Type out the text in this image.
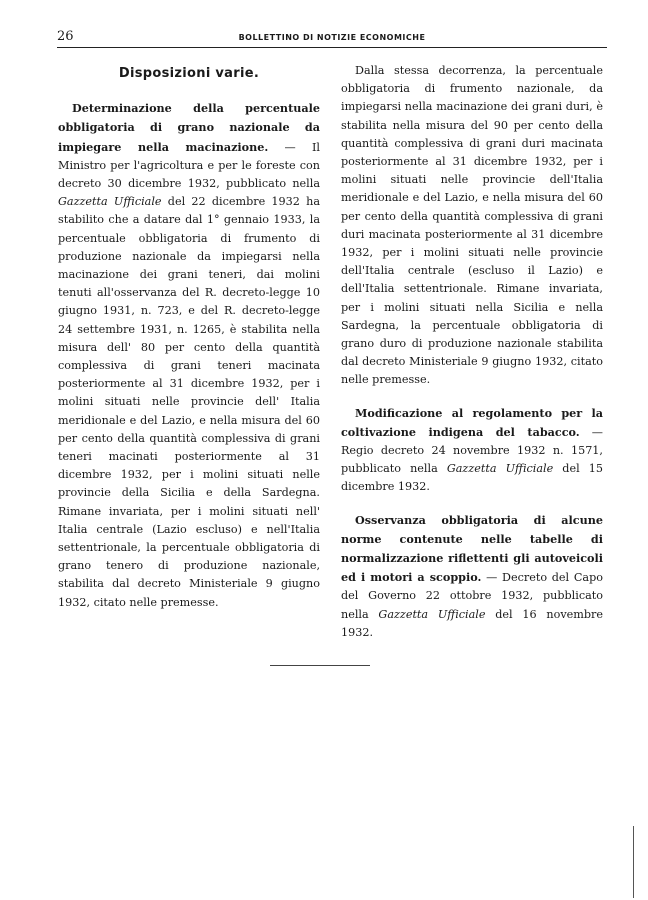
26	BOLLETTINO DI NOTIZIE ECONOMICHE
Disposizioni varie.

Determinazione della percentuale obbligatoria di grano nazionale da impiegare nella macinazione. — Il Ministro per l'agricoltura e per le foreste con decreto 30 dicembre 1932, pubblicato nella Gazzetta Ufficiale del 22 dicembre 1932 ha stabilito che a datare dal 1° gennaio 1933, la percentuale obbligatoria di frumento di produzione nazionale da impiegarsi nella macinazione dei grani teneri, dai molini tenuti all'osservanza del R. decreto-legge 10 giugno 1931, n. 723, e del R. decreto-legge 24 settembre 1931, n. 1265, è stabilita nella misura dell' 80 per cento della quantità complessiva di grani teneri macinata posteriormente al 31 dicembre 1932, per i molini situati nelle provincie dell' Italia meridionale e del Lazio, e nella misura del 60 per cento della quantità complessiva di grani teneri macinati posteriormente al 31 dicembre 1932, per i molini situati nelle provincie della Sicilia e della Sardegna. Rimane invariata, per i molini situati nell' Italia centrale (Lazio escluso) e nell'Italia settentrionale, la percentuale obbligatoria di grano tenero di produzione nazionale, stabilita dal decreto Ministeriale 9 giugno 1932, citato nelle premesse.

Dalla stessa decorrenza, la percentuale obbligatoria di frumento nazionale, da impiegarsi nella macinazione dei grani duri, è stabilita nella misura del 90 per cento della quantità complessiva di grani duri macinata posteriormente al 31 dicembre 1932, per i molini situati nelle provincie dell'Italia meridionale e del Lazio, e nella misura del 60 per cento della quantità complessiva di grani duri macinata posteriormente al 31 dicembre 1932, per i molini situati nelle provincie dell'Italia centrale (escluso il Lazio) e dell'Italia settentrionale. Rimane invariata, per i molini situati nella Sicilia e nella Sardegna, la percentuale obbligatoria di grano duro di produzione nazionale stabilita dal decreto Ministeriale 9 giugno 1932, citato nelle premesse.

Modificazione al regolamento per la coltivazione indigena del tabacco. — Regio decreto 24 novembre 1932 n. 1571, pubblicato nella Gazzetta Ufficiale del 15 dicembre 1932.

Osservanza obbligatoria di alcune norme contenute nelle tabelle di normalizzazione riflettenti gli autoveicoli ed i motori a scoppio. — Decreto del Capo del Governo 22 ottobre 1932, pubblicato nella Gazzetta Ufficiale del 16 novembre 1932.
